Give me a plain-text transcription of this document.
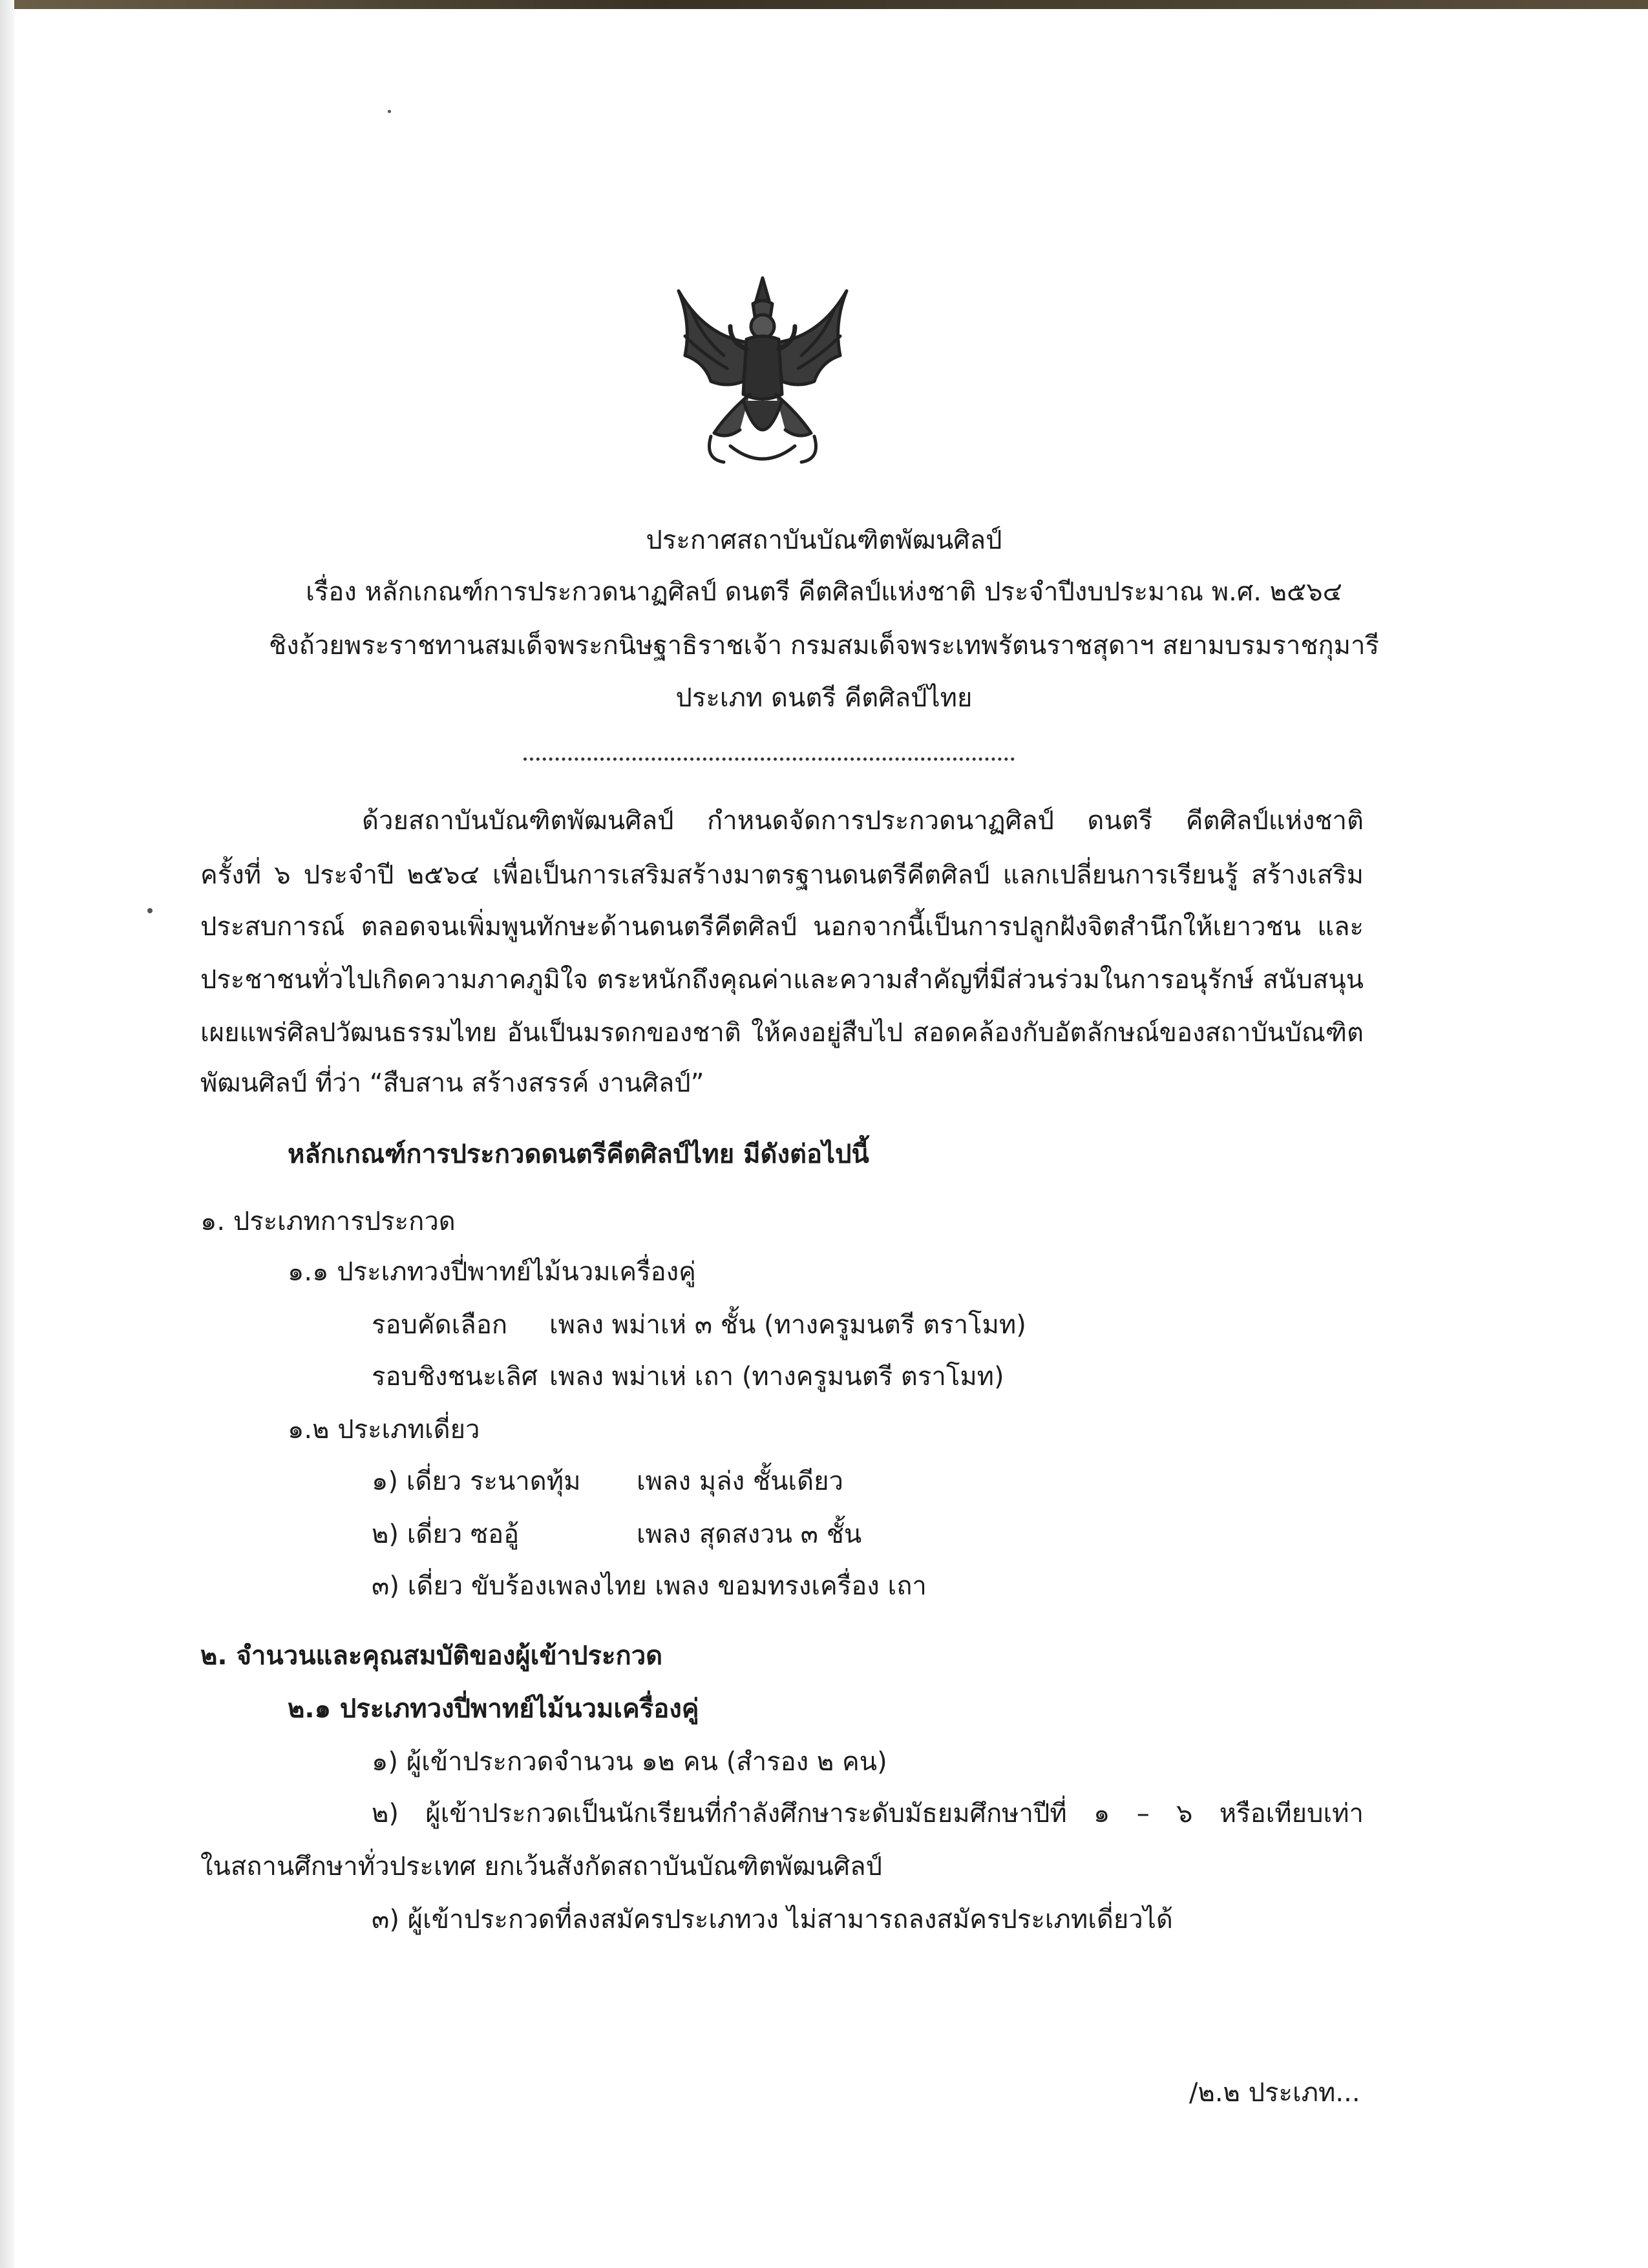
ประกาศสถาบันบัณฑิตพัฒนศิลป์
เรื่อง หลักเกณฑ์การประกวดนาฏศิลป์ ดนตรี คีตศิลป์แห่งชาติ ประจำปีงบประมาณ พ.ศ. ๒๕๖๔
ชิงถ้วยพระราชทานสมเด็จพระกนิษฐาธิราชเจ้า กรมสมเด็จพระเทพรัตนราชสุดาฯ สยามบรมราชกุมารี
ประเภท ดนตรี คีตศิลป์ไทย
ด้วยสถาบันบัณฑิตพัฒนศิลป์ กำหนดจัดการประกวดนาฏศิลป์ ดนตรี คีตศิลป์แห่งชาติ
ครั้งที่ ๖ ประจำปี ๒๕๖๔ เพื่อเป็นการเสริมสร้างมาตรฐานดนตรีคีตศิลป์ แลกเปลี่ยนการเรียนรู้ สร้างเสริม
ประสบการณ์ ตลอดจนเพิ่มพูนทักษะด้านดนตรีคีตศิลป์ นอกจากนี้เป็นการปลูกฝังจิตสำนึกให้เยาวชน และ
ประชาชนทั่วไปเกิดความภาคภูมิใจ ตระหนักถึงคุณค่าและความสำคัญที่มีส่วนร่วมในการอนุรักษ์ สนับสนุน
เผยแพร่ศิลปวัฒนธรรมไทย อันเป็นมรดกของชาติ ให้คงอยู่สืบไป สอดคล้องกับอัตลักษณ์ของสถาบันบัณฑิต
พัฒนศิลป์ ที่ว่า “สืบสาน สร้างสรรค์ งานศิลป์”
หลักเกณฑ์การประกวดดนตรีคีตศิลป์ไทย มีดังต่อไปนี้
๑. ประเภทการประกวด
๑.๑ ประเภทวงปี่พาทย์ไม้นวมเครื่องคู่
รอบคัดเลือก เพลง พม่าเห่ ๓ ชั้น (ทางครูมนตรี ตราโมท)
รอบชิงชนะเลิศ เพลง พม่าเห่ เถา (ทางครูมนตรี ตราโมท)
๑.๒ ประเภทเดี่ยว
๑) เดี่ยว ระนาดทุ้ม เพลง มุล่ง ชั้นเดียว
๒) เดี่ยว ซออู้	เพลง สุดสงวน ๓ ชั้น
๓) เดี่ยว ขับร้องเพลงไทย เพลง ขอมทรงเครื่อง เถา
๒. จำนวนและคุณสมบัติของผู้เข้าประกวด
๒.๑ ประเภทวงปี่พาทย์ไม้นวมเครื่องคู่
๑) ผู้เข้าประกวดจำนวน ๑๒ คน (สำรอง ๒ คน)
๒) ผู้เข้าประกวดเป็นนักเรียนที่กำลังศึกษาระดับมัธยมศึกษาปีที่ ๑ – ๖ หรือเทียบเท่า
ในสถานศึกษาทั่วประเทศ ยกเว้นสังกัดสถาบันบัณฑิตพัฒนศิลป์
๓) ผู้เข้าประกวดที่ลงสมัครประเภทวง ไม่สามารถลงสมัครประเภทเดี่ยวได้
/๒.๒ ประเภท...
